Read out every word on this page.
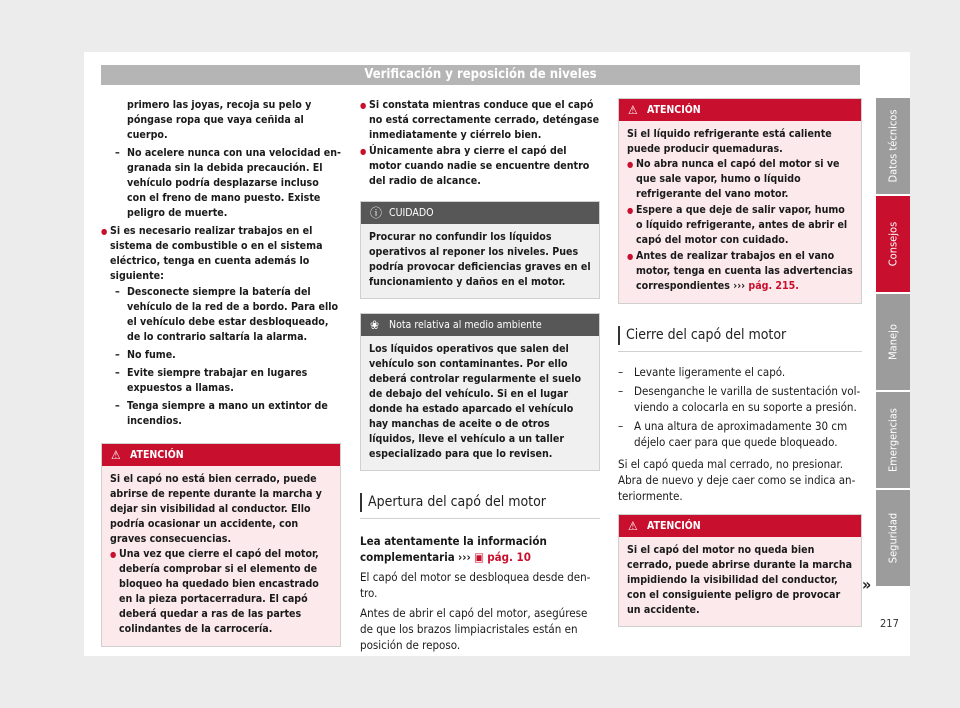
Verificación y reposición de niveles
primero las joyas, recoja su pelo y póngase ropa que vaya ceñida al cuerpo.
– No acelere nunca con una velocidad engranada sin la debida precaución. El vehículo podría desplazarse incluso con el freno de mano puesto. Existe peligro de muerte.
● Si es necesario realizar trabajos en el sistema de combustible o en el sistema eléctrico, tenga en cuenta además lo siguiente:
– Desconecte siempre la batería del vehículo de la red de a bordo. Para ello el vehículo debe estar desbloqueado, de lo contrario saltaría la alarma.
– No fume.
– Evite siempre trabajar en lugares expuestos a llamas.
– Tenga siempre a mano un extintor de incendios.
⚠ ATENCIÓN
Si el capó no está bien cerrado, puede abrirse de repente durante la marcha y dejar sin visibilidad al conductor. Ello podría ocasionar un accidente, con graves consecuencias.
● Una vez que cierre el capó del motor, debería comprobar si el elemento de bloqueo ha quedado bien encastrado en la pieza portacerradura. El capó deberá quedar a ras de las partes colindantes de la carrocería.
● Si constata mientras conduce que el capó no está correctamente cerrado, deténgase inmediatamente y ciérrelo bien.
● Únicamente abra y cierre el capó del motor cuando nadie se encuentre dentro del radio de alcance.
ⓘ CUIDADO
Procurar no confundir los líquidos operativos al reponer los niveles. Pues podría provocar deficiencias graves en el funcionamiento y daños en el motor.
❀ Nota relativa al medio ambiente
Los líquidos operativos que salen del vehículo son contaminantes. Por ello deberá controlar regularmente el suelo de debajo del vehículo. Si en el lugar donde ha estado aparcado el vehículo hay manchas de aceite o de otros líquidos, lleve el vehículo a un taller especializado para que lo revisen.
Apertura del capó del motor
Lea atentamente la información complementaria ››› ▣ pág. 10
El capó del motor se desbloquea desde dentro.
Antes de abrir el capó del motor, asegúrese de que los brazos limpiacristales están en posición de reposo.
⚠ ATENCIÓN
Si el líquido refrigerante está caliente puede producir quemaduras.
● No abra nunca el capó del motor si ve que sale vapor, humo o líquido refrigerante del vano motor.
● Espere a que deje de salir vapor, humo o líquido refrigerante, antes de abrir el capó del motor con cuidado.
● Antes de realizar trabajos en el vano motor, tenga en cuenta las advertencias correspondientes ››› pág. 215.
Cierre del capó del motor
– Levante ligeramente el capó.
– Desenganche le varilla de sustentación volviendo a colocarla en su soporte a presión.
– A una altura de aproximadamente 30 cm déjelo caer para que quede bloqueado.
Si el capó queda mal cerrado, no presionar. Abra de nuevo y deje caer como se indica anteriormente.
⚠ ATENCIÓN
Si el capó del motor no queda bien cerrado, puede abrirse durante la marcha impidiendo la visibilidad del conductor, con el consiguiente peligro de provocar un accidente.
»
Datos técnicos
Consejos
Manejo
Emergencias
Seguridad
217
